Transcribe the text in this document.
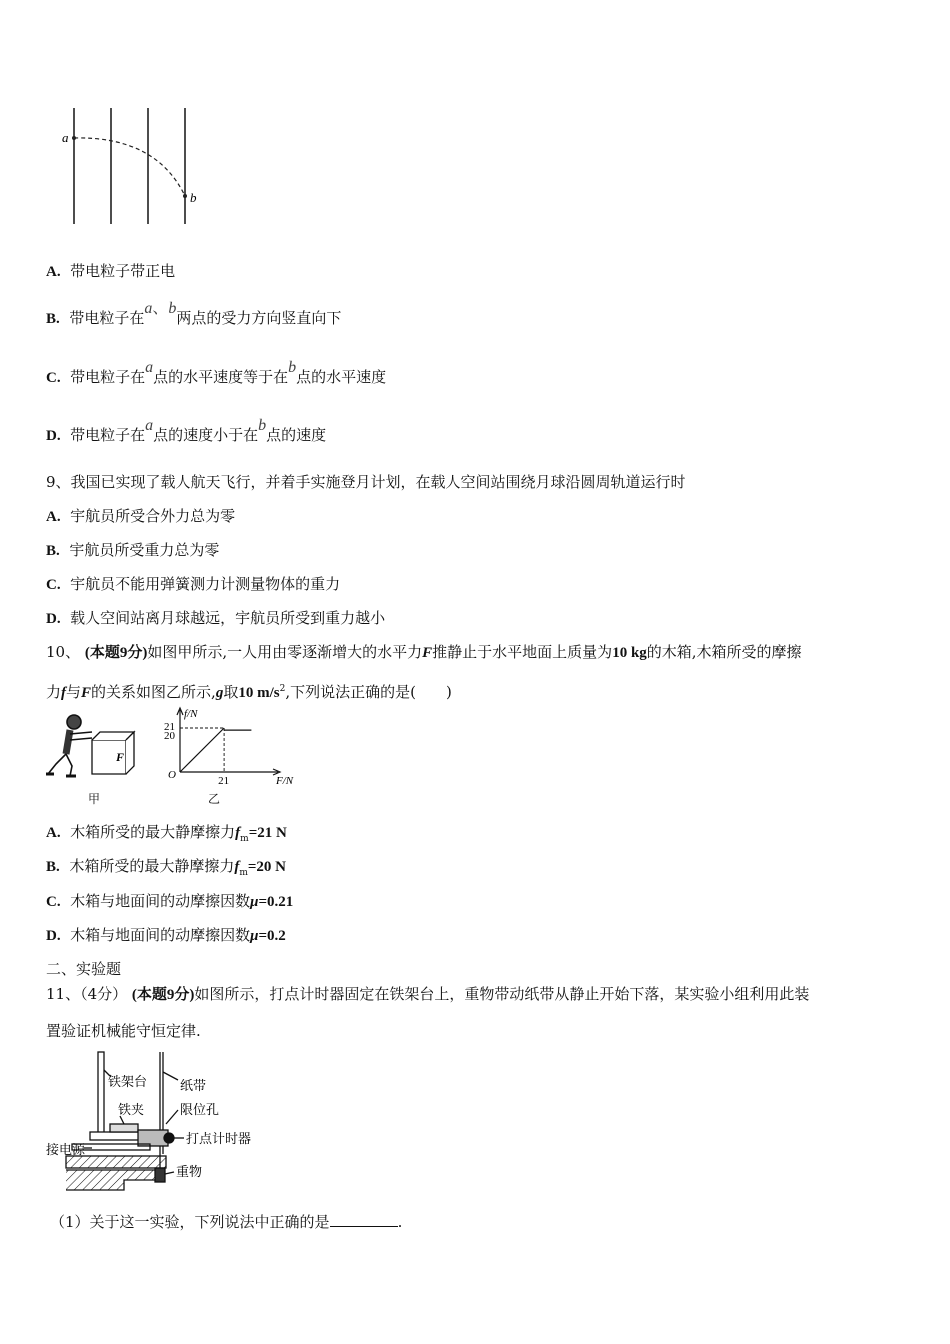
a
b
A. 带电粒子带正电
B. 带电粒子在a、b两点的受力方向竖直向下
C. 带电粒子在a点的水平速度等于在b点的水平速度
D. 带电粒子在a点的速度小于在b点的速度
9、我国已实现了载人航天飞行，并着手实施登月计划，在载人空间站围绕月球沿圆周轨道运行时
A. 宇航员所受合外力总为零
B. 宇航员所受重力总为零
C. 宇航员不能用弹簧测力计测量物体的重力
D. 载人空间站离月球越远，宇航员所受到重力越小
10、 (本题9分)如图甲所示,一人用由零逐渐增大的水平力F推静止于水平地面上质量为10 kg的木箱,木箱所受的摩擦
力f与F的关系如图乙所示,g取10 $m/s^2$,下列说法正确的是(　　)
F
甲
f/N
F/N
O
21
20
21
乙
A. 木箱所受的最大静摩擦力$f_m=21$ N
B. 木箱所受的最大静摩擦力$f_m=20$ N
C. 木箱与地面间的动摩擦因数μ=0.21
D. 木箱与地面间的动摩擦因数μ=0.2
二、实验题
11、（4分） (本题9分)如图所示，打点计时器固定在铁架台上，重物带动纸带从静止开始下落，某实验小组利用此装
置验证机械能守恒定律.
铁架台	纸带
铁夹	限位孔
打点计时器
接电源
重物
（1）关于这一实验，下列说法中正确的是	.
